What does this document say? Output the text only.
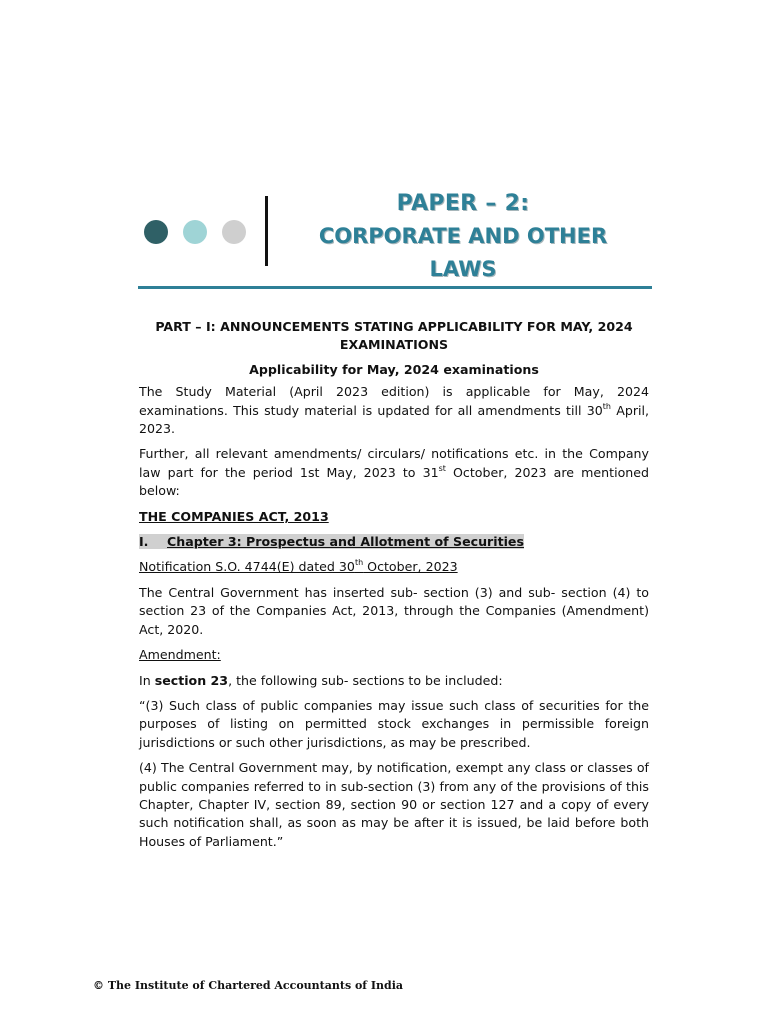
PAPER – 2:
CORPORATE AND OTHER
LAWS

PART – I: ANNOUNCEMENTS STATING APPLICABILITY FOR MAY, 2024 EXAMINATIONS

Applicability for May, 2024 examinations

The Study Material (April 2023 edition) is applicable for May, 2024 examinations. This study material is updated for all amendments till 30th April, 2023.

Further, all relevant amendments/ circulars/ notifications etc. in the Company law part for the period 1st May, 2023 to 31st October, 2023 are mentioned below:

THE COMPANIES ACT, 2013

I. Chapter 3: Prospectus and Allotment of Securities

Notification S.O. 4744(E) dated 30th October, 2023

The Central Government has inserted sub- section (3) and sub- section (4) to section 23 of the Companies Act, 2013, through the Companies (Amendment) Act, 2020.

Amendment:

In section 23, the following sub- sections to be included:

“(3) Such class of public companies may issue such class of securities for the purposes of listing on permitted stock exchanges in permissible foreign jurisdictions or such other jurisdictions, as may be prescribed.

(4) The Central Government may, by notification, exempt any class or classes of public companies referred to in sub-section (3) from any of the provisions of this Chapter, Chapter IV, section 89, section 90 or section 127 and a copy of every such notification shall, as soon as may be after it is issued, be laid before both Houses of Parliament.”

© The Institute of Chartered Accountants of India
